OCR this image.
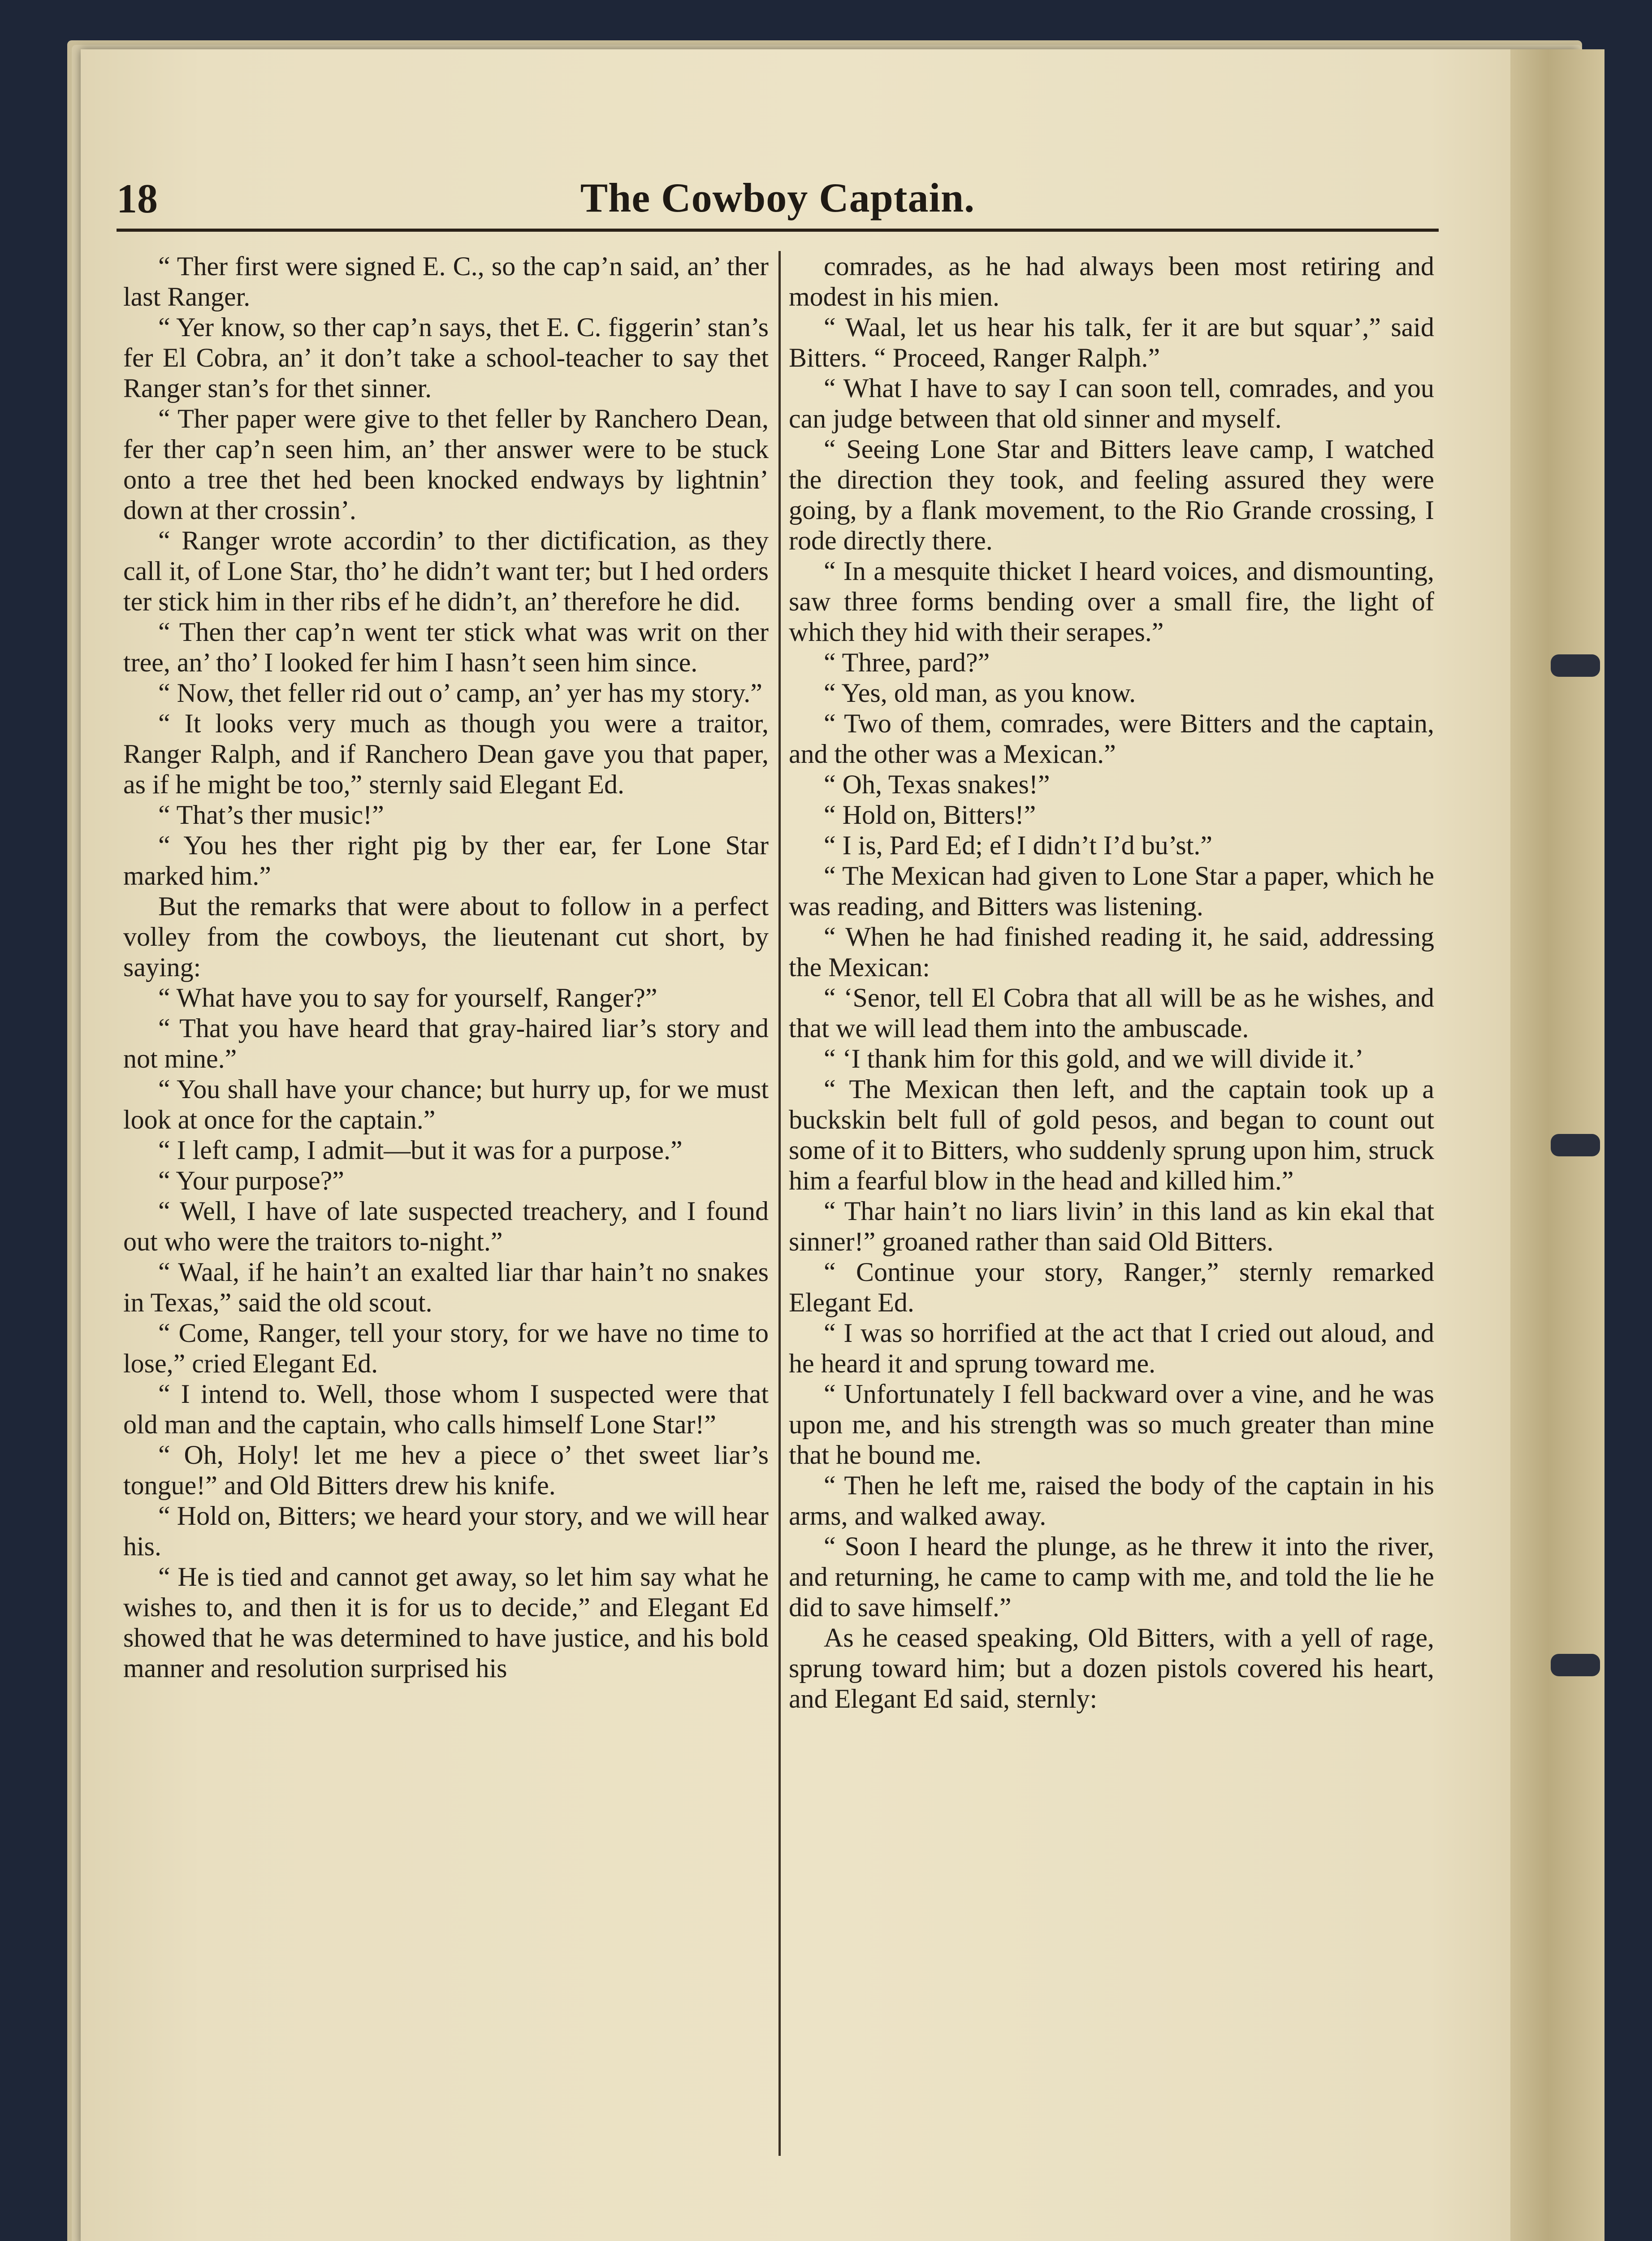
18	The Cowboy Captain.

“ Ther first were signed E. C., so the cap’n said, an’ ther last Ranger.

“ Yer know, so ther cap’n says, thet E. C. figgerin’ stan’s fer El Cobra, an’ it don’t take a school-teacher to say thet Ranger stan’s for thet sinner.

“ Ther paper were give to thet feller by Ranchero Dean, fer ther cap’n seen him, an’ ther answer were to be stuck onto a tree thet hed been knocked endways by lightnin’ down at ther crossin’.

“ Ranger wrote accordin’ to ther dictification, as they call it, of Lone Star, tho’ he didn’t want ter; but I hed orders ter stick him in ther ribs ef he didn’t, an’ therefore he did.

“ Then ther cap’n went ter stick what was writ on ther tree, an’ tho’ I looked fer him I hasn’t seen him since.

“ Now, thet feller rid out o’ camp, an’ yer has my story.”

“ It looks very much as though you were a traitor, Ranger Ralph, and if Ranchero Dean gave you that paper, as if he might be too,” sternly said Elegant Ed.

“ That’s ther music!”

“ You hes ther right pig by ther ear, fer Lone Star marked him.”

But the remarks that were about to follow in a perfect volley from the cowboys, the lieutenant cut short, by saying:

“ What have you to say for yourself, Ranger?”

“ That you have heard that gray-haired liar’s story and not mine.”

“ You shall have your chance; but hurry up, for we must look at once for the captain.”

“ I left camp, I admit—but it was for a purpose.”

“ Your purpose?”

“ Well, I have of late suspected treachery, and I found out who were the traitors to-night.”

“ Waal, if he hain’t an exalted liar thar hain’t no snakes in Texas,” said the old scout.

“ Come, Ranger, tell your story, for we have no time to lose,” cried Elegant Ed.

“ I intend to. Well, those whom I suspected were that old man and the captain, who calls himself Lone Star!”

“ Oh, Holy! let me hev a piece o’ thet sweet liar’s tongue!” and Old Bitters drew his knife.

“ Hold on, Bitters; we heard your story, and we will hear his.

“ He is tied and cannot get away, so let him say what he wishes to, and then it is for us to decide,” and Elegant Ed showed that he was determined to have justice, and his bold manner and resolution surprised his

comrades, as he had always been most retiring and modest in his mien.

“ Waal, let us hear his talk, fer it are but squar’,” said Bitters. “ Proceed, Ranger Ralph.”

“ What I have to say I can soon tell, comrades, and you can judge between that old sinner and myself.

“ Seeing Lone Star and Bitters leave camp, I watched the direction they took, and feeling assured they were going, by a flank movement, to the Rio Grande crossing, I rode directly there.

“ In a mesquite thicket I heard voices, and dismounting, saw three forms bending over a small fire, the light of which they hid with their serapes.”

“ Three, pard?”

“ Yes, old man, as you know.

“ Two of them, comrades, were Bitters and the captain, and the other was a Mexican.”

“ Oh, Texas snakes!”

“ Hold on, Bitters!”

“ I is, Pard Ed; ef I didn’t I’d bu’st.”

“ The Mexican had given to Lone Star a paper, which he was reading, and Bitters was listening.

“ When he had finished reading it, he said, addressing the Mexican:

“ ‘Senor, tell El Cobra that all will be as he wishes, and that we will lead them into the ambuscade.

“ ‘I thank him for this gold, and we will divide it.’

“ The Mexican then left, and the captain took up a buckskin belt full of gold pesos, and began to count out some of it to Bitters, who suddenly sprung upon him, struck him a fearful blow in the head and killed him.”

“ Thar hain’t no liars livin’ in this land as kin ekal that sinner!” groaned rather than said Old Bitters.

“ Continue your story, Ranger,” sternly remarked Elegant Ed.

“ I was so horrified at the act that I cried out aloud, and he heard it and sprung toward me.

“ Unfortunately I fell backward over a vine, and he was upon me, and his strength was so much greater than mine that he bound me.

“ Then he left me, raised the body of the captain in his arms, and walked away.

“ Soon I heard the plunge, as he threw it into the river, and returning, he came to camp with me, and told the lie he did to save himself.”

As he ceased speaking, Old Bitters, with a yell of rage, sprung toward him; but a dozen pistols covered his heart, and Elegant Ed said, sternly:
